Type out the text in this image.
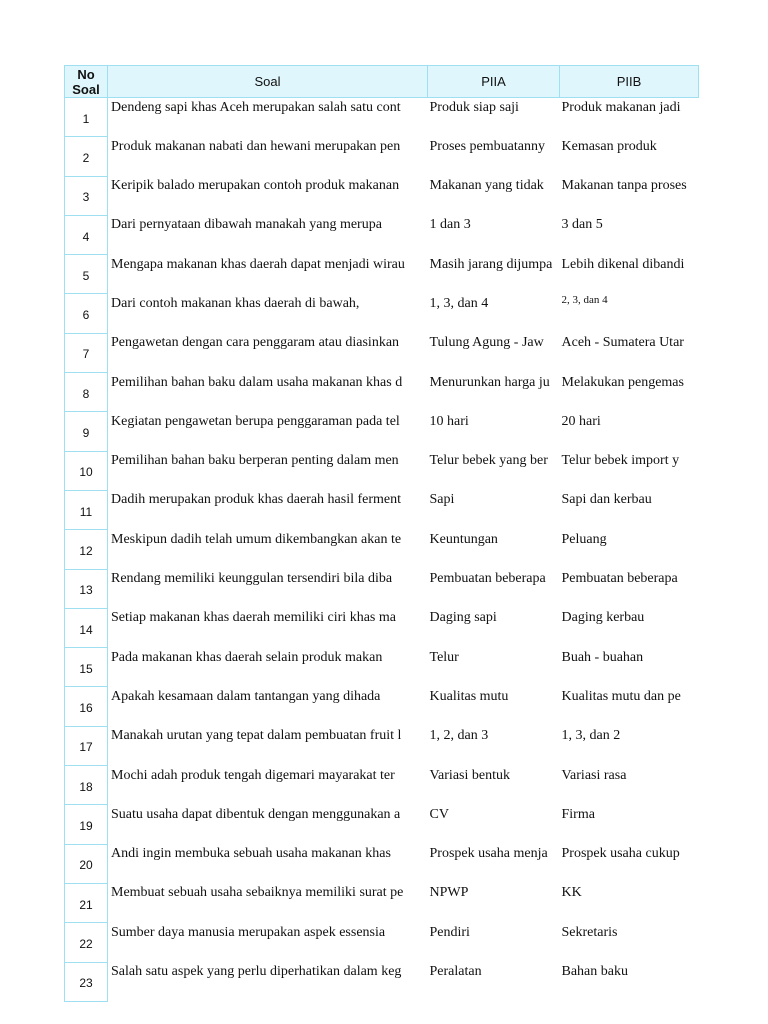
No Soal	Soal	PIIA	PIIB
1	Dendeng sapi khas Aceh merupakan salah satu cont	Produk siap saji	Produk makanan jadi

2	Produk makanan nabati dan hewani merupakan pen	Proses pembuatanny	Kemasan produk

3	Keripik balado merupakan contoh produk makanan	Makanan yang tidak	Makanan tanpa proses

4	Dari pernyataan dibawah manakah yang merupa	1 dan 3	3 dan 5

5	Mengapa makanan khas daerah dapat menjadi wirau	Masih jarang dijumpa	Lebih dikenal dibandi

6	Dari contoh makanan khas daerah di bawah,	1, 3, dan 4	2, 3, dan 4

7	Pengawetan dengan cara penggaram atau diasinkan	Tulung Agung - Jaw	Aceh - Sumatera Utar

8	Pemilihan bahan baku dalam usaha makanan khas d	Menurunkan harga ju	Melakukan pengemas

9	Kegiatan pengawetan berupa penggaraman pada tel	10 hari	20 hari

10	Pemilihan bahan baku berperan penting dalam men	Telur bebek yang ber	Telur bebek import y

11	Dadih merupakan produk khas daerah hasil ferment	Sapi	Sapi dan kerbau

12	Meskipun dadih telah umum dikembangkan akan te	Keuntungan	Peluang

13	Rendang memiliki keunggulan tersendiri bila diba	Pembuatan beberapa	Pembuatan beberapa

14	Setiap makanan khas daerah memiliki ciri khas ma	Daging sapi	Daging kerbau

15	Pada makanan khas daerah selain produk makan	Telur	Buah - buahan

16	Apakah kesamaan dalam tantangan yang dihada	Kualitas mutu	Kualitas mutu dan pe

17	Manakah urutan yang tepat dalam pembuatan fruit l	1, 2, dan 3	1, 3, dan 2

18	Mochi adah produk tengah digemari mayarakat ter	Variasi bentuk	Variasi rasa

19	Suatu usaha dapat dibentuk dengan menggunakan a	CV	Firma

20	Andi ingin membuka sebuah usaha makanan khas	Prospek usaha menja	Prospek usaha cukup

21	Membuat sebuah usaha sebaiknya memiliki surat pe	NPWP	KK

22	Sumber daya manusia merupakan aspek essensia	Pendiri	Sekretaris

23	Salah satu aspek yang perlu diperhatikan dalam keg	Peralatan	Bahan baku
